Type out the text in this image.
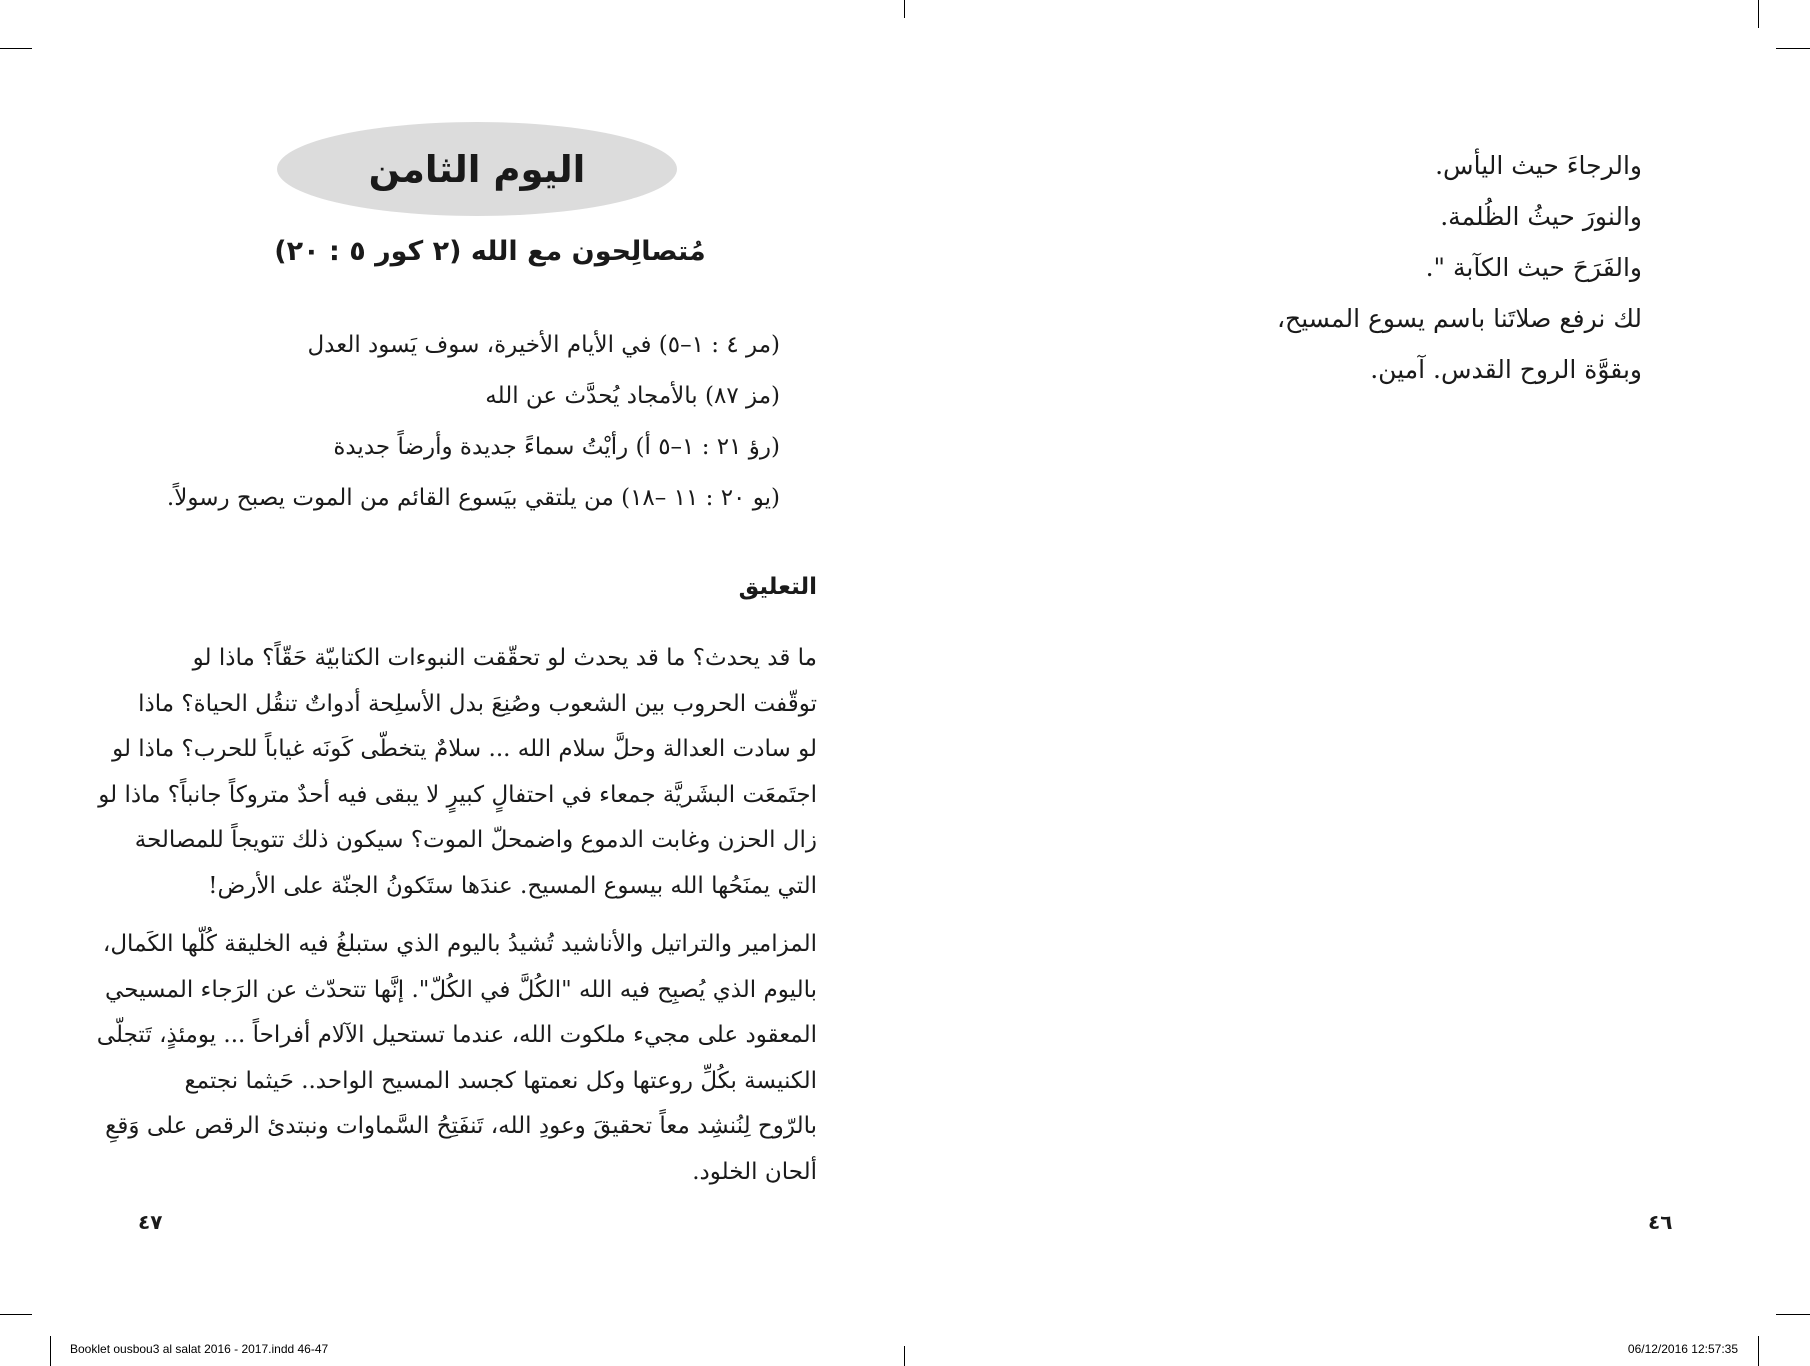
اليوم الثامن
مُتصالِحون مع الله (٢ كور ٥ : ٢٠)
(مر ٤ : ١–٥) في الأيام الأخيرة، سوف يَسود العدل
(مز ٨٧) بالأمجاد يُحدَّث عن الله
(رؤ ٢١ : ١–٥ أ) رأيْتُ سماءً جديدة وأرضاً جديدة
(يو ٢٠ : ١١ –١٨) من يلتقي بيَسوع القائم من الموت يصبح رسولاً.
التعليق
ما قد يحدث؟ ما قد يحدث لو تحقّقت النبوءات الكتابيّة حَقّاً؟ ماذا لو
توقّفت الحروب بين الشعوب وصُنِعَ بدل الأسلِحة أدواتٌ تنقُل الحياة؟ ماذا
لو سادت العدالة وحلَّ سلام الله ... سلامٌ يتخطّى كَونَه غياباً للحرب؟ ماذا لو
اجتَمعَت البشَريَّة جمعاء في احتفالٍ كبيرٍ لا يبقى فيه أحدٌ متروكاً جانباً؟ ماذا لو
زال الحزن وغابت الدموع واضمحلّ الموت؟ سيكون ذلك تتويجاً للمصالحة
التي يمنَحُها الله بيسوع المسيح. عندَها ستَكونُ الجنّة على الأرض!
المزامير والتراتيل والأناشيد تُشيدُ باليوم الذي ستبلغُ فيه الخليقة كُلّها الكَمال،
باليوم الذي يُصبِح فيه الله "الكُلَّ في الكُلّ". إنَّها تتحدّث عن الرَجاء المسيحي
المعقود على مجيء ملكوت الله، عندما تستحيل الآلام أفراحاً ... يومئذٍ، تَتجلّى
الكنيسة بكُلِّ روعتها وكل نعمتها كجسد المسيح الواحد.. حَيثما نجتمع
بالرّوح لِنُنشِد معاً تحقيقَ وعودِ الله، تَنفَتِحُ السَّماوات ونبتدئ الرقص على وَقعِ
ألحان الخلود.
٤٧
والرجاءَ حيث اليأس.
والنورَ حيثُ الظُلمة.
والفَرَحَ حيث الكآبة ".
لك نرفع صلاتَنا باسم يسوع المسيح،
وبقوَّة الروح القدس. آمين.
٤٦
Booklet ousbou3 al salat 2016 - 2017.indd 46-47	06/12/2016 12:57:35
